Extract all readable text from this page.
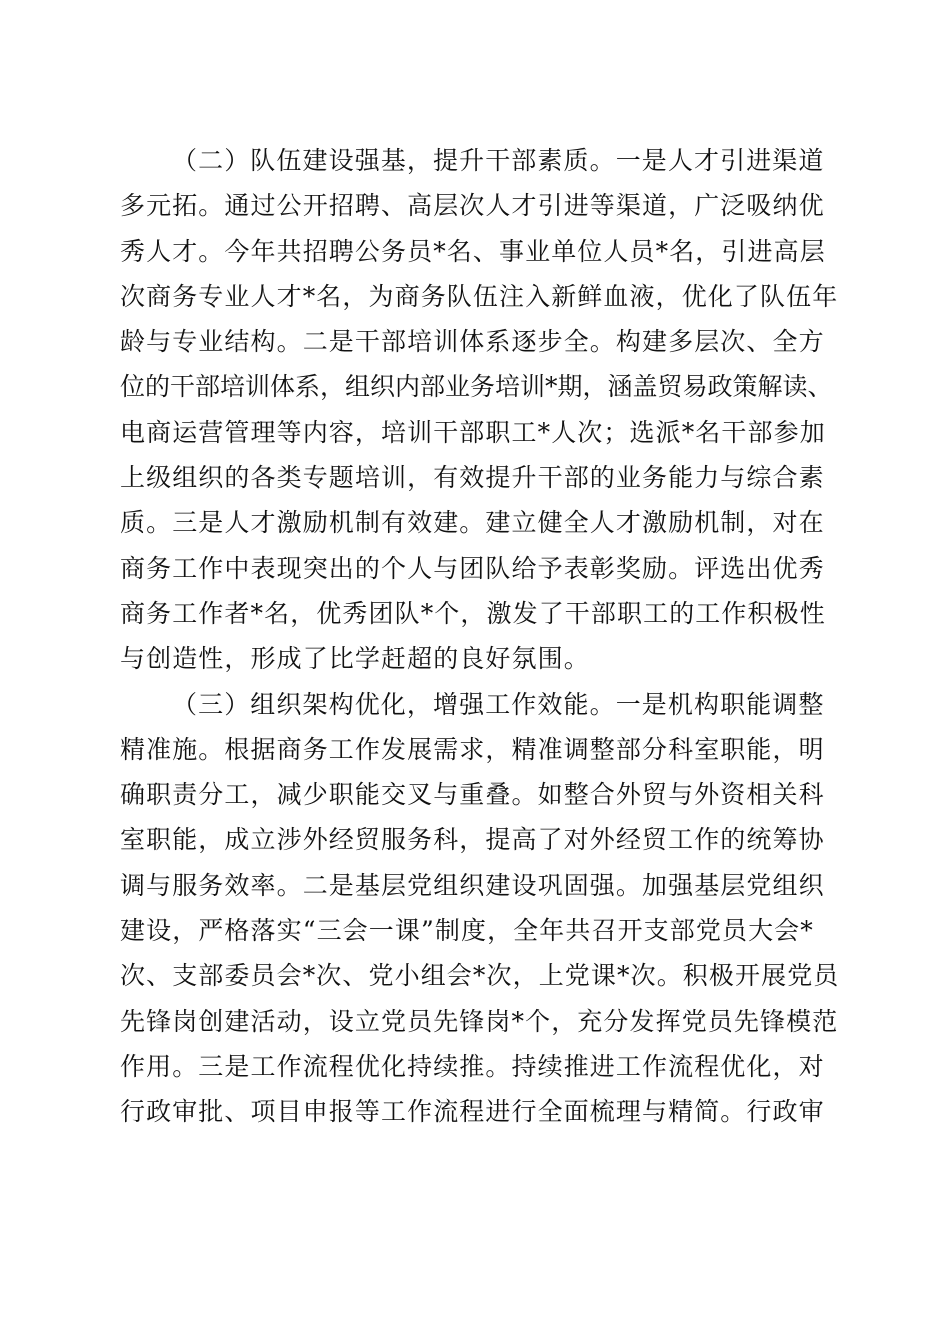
（二）队伍建设强基，提升干部素质。一是人才引进渠道
多元拓。通过公开招聘、高层次人才引进等渠道，广泛吸纳优
秀人才。今年共招聘公务员*名、事业单位人员*名，引进高层
次商务专业人才*名，为商务队伍注入新鲜血液，优化了队伍年
龄与专业结构。二是干部培训体系逐步全。构建多层次、全方
位的干部培训体系，组织内部业务培训*期，涵盖贸易政策解读、
电商运营管理等内容，培训干部职工*人次；选派*名干部参加
上级组织的各类专题培训，有效提升干部的业务能力与综合素
质。三是人才激励机制有效建。建立健全人才激励机制，对在
商务工作中表现突出的个人与团队给予表彰奖励。评选出优秀
商务工作者*名，优秀团队*个，激发了干部职工的工作积极性
与创造性，形成了比学赶超的良好氛围。
（三）组织架构优化，增强工作效能。一是机构职能调整
精准施。根据商务工作发展需求，精准调整部分科室职能，明
确职责分工，减少职能交叉与重叠。如整合外贸与外资相关科
室职能，成立涉外经贸服务科，提高了对外经贸工作的统筹协
调与服务效率。二是基层党组织建设巩固强。加强基层党组织
建设，严格落实“三会一课”制度，全年共召开支部党员大会*
次、支部委员会*次、党小组会*次，上党课*次。积极开展党员
先锋岗创建活动，设立党员先锋岗*个，充分发挥党员先锋模范
作用。三是工作流程优化持续推。持续推进工作流程优化，对
行政审批、项目申报等工作流程进行全面梳理与精简。行政审
